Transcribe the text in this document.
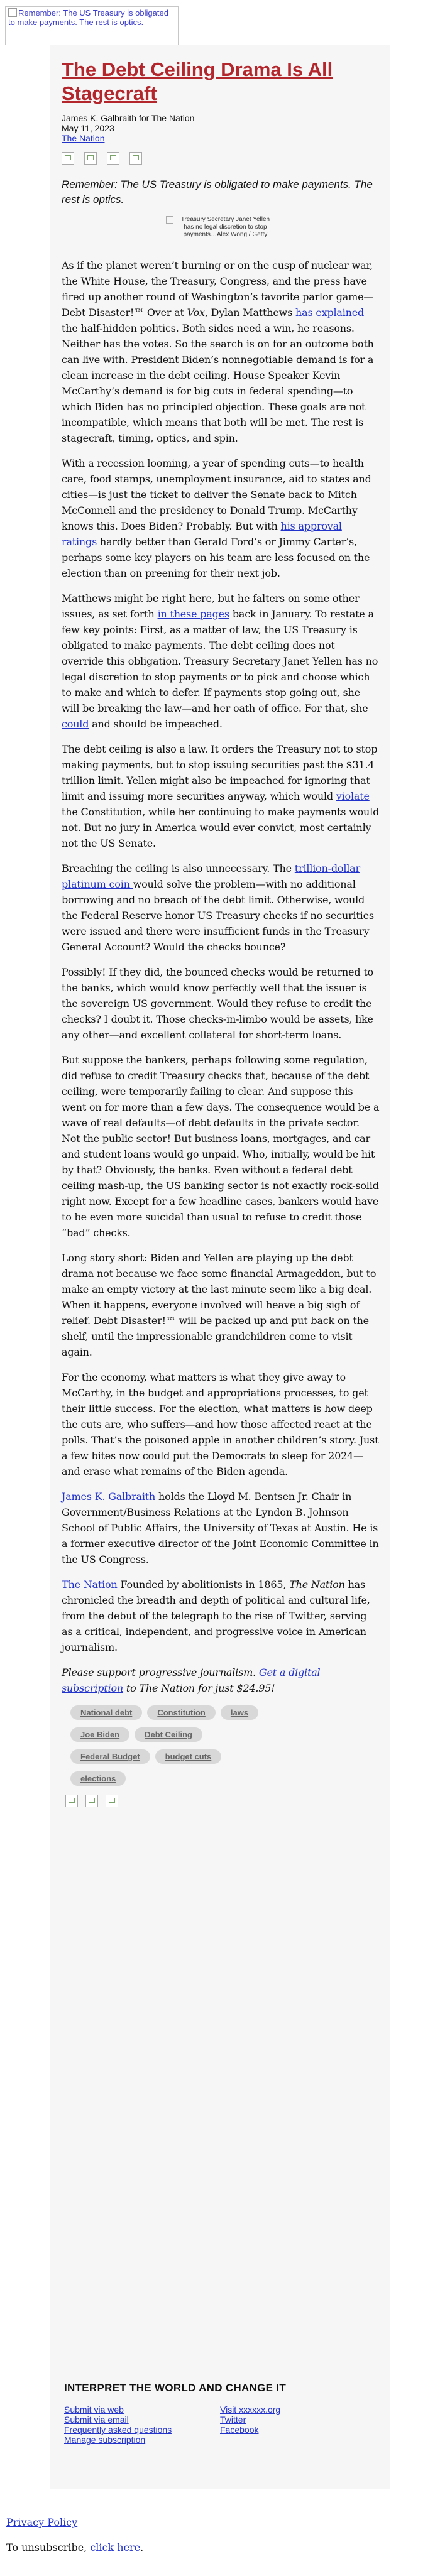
Remember: The US Treasury is obligated to make payments. The rest is optics.
The Debt Ceiling Drama Is All Stagecraft
James K. Galbraith for The Nation
May 11, 2023
The Nation
Remember: The US Treasury is obligated to make payments. The rest is optics.
Treasury Secretary Janet Yellen has no legal discretion to stop payments…Alex Wong / Getty

As if the planet weren’t burning or on the cusp of nuclear war, the White House, the Treasury, Congress, and the press have fired up another round of Washington’s favorite parlor game—Debt Disaster!™ Over at Vox, Dylan Matthews has explained the half-hidden politics. Both sides need a win, he reasons. Neither has the votes. So the search is on for an outcome both can live with. President Biden’s nonnegotiable demand is for a clean increase in the debt ceiling. House Speaker Kevin McCarthy’s demand is for big cuts in federal spending—to which Biden has no principled objection. These goals are not incompatible, which means that both will be met. The rest is stagecraft, timing, optics, and spin.

With a recession looming, a year of spending cuts—to health care, food stamps, unemployment insurance, aid to states and cities—is just the ticket to deliver the Senate back to Mitch McConnell and the presidency to Donald Trump. McCarthy knows this. Does Biden? Probably. But with his approval ratings hardly better than Gerald Ford’s or Jimmy Carter’s, perhaps some key players on his team are less focused on the election than on preening for their next job.

Matthews might be right here, but he falters on some other issues, as set forth in these pages back in January. To restate a few key points: First, as a matter of law, the US Treasury is obligated to make payments. The debt ceiling does not override this obligation. Treasury Secretary Janet Yellen has no legal discretion to stop payments or to pick and choose which to make and which to defer. If payments stop going out, she will be breaking the law—and her oath of office. For that, she could and should be impeached.

The debt ceiling is also a law. It orders the Treasury not to stop making payments, but to stop issuing securities past the $31.4 trillion limit. Yellen might also be impeached for ignoring that limit and issuing more securities anyway, which would violate the Constitution, while her continuing to make payments would not. But no jury in America would ever convict, most certainly not the US Senate.

Breaching the ceiling is also unnecessary. The trillion-dollar platinum coin would solve the problem—with no additional borrowing and no breach of the debt limit. Otherwise, would the Federal Reserve honor US Treasury checks if no securities were issued and there were insufficient funds in the Treasury General Account? Would the checks bounce?

Possibly! If they did, the bounced checks would be returned to the banks, which would know perfectly well that the issuer is the sovereign US government. Would they refuse to credit the checks? I doubt it. Those checks-in-limbo would be assets, like any other—and excellent collateral for short-term loans.

But suppose the bankers, perhaps following some regulation, did refuse to credit Treasury checks that, because of the debt ceiling, were temporarily failing to clear. And suppose this went on for more than a few days. The consequence would be a wave of real defaults—of debt defaults in the private sector. Not the public sector! But business loans, mortgages, and car and student loans would go unpaid. Who, initially, would be hit by that? Obviously, the banks. Even without a federal debt ceiling mash-up, the US banking sector is not exactly rock-solid right now. Except for a few headline cases, bankers would have to be even more suicidal than usual to refuse to credit those “bad” checks.

Long story short: Biden and Yellen are playing up the debt drama not because we face some financial Armageddon, but to make an empty victory at the last minute seem like a big deal. When it happens, everyone involved will heave a big sigh of relief. Debt Disaster!™ will be packed up and put back on the shelf, until the impressionable grandchildren come to visit again.

For the economy, what matters is what they give away to McCarthy, in the budget and appropriations processes, to get their little success. For the election, what matters is how deep the cuts are, who suffers—and how those affected react at the polls. That’s the poisoned apple in another children’s story. Just a few bites now could put the Democrats to sleep for 2024—and erase what remains of the Biden agenda.

James K. Galbraith holds the Lloyd M. Bentsen Jr. Chair in Government/Business Relations at the Lyndon B. Johnson School of Public Affairs, the University of Texas at Austin. He is a former executive director of the Joint Economic Committee in the US Congress.

The Nation Founded by abolitionists in 1865, The Nation has chronicled the breadth and depth of political and cultural life, from the debut of the telegraph to the rise of Twitter, serving as a critical, independent, and progressive voice in American journalism.

Please support progressive journalism. Get a digital subscription to The Nation for just $24.95!

National debt	Constitution	laws
Joe Biden	Debt Ceiling
Federal Budget	budget cuts
elections
INTERPRET THE WORLD AND CHANGE IT
Submit via web
Submit via email
Frequently asked questions
Manage subscription
Visit xxxxxx.org
Twitter
Facebook
Privacy Policy
To unsubscribe, click here.
